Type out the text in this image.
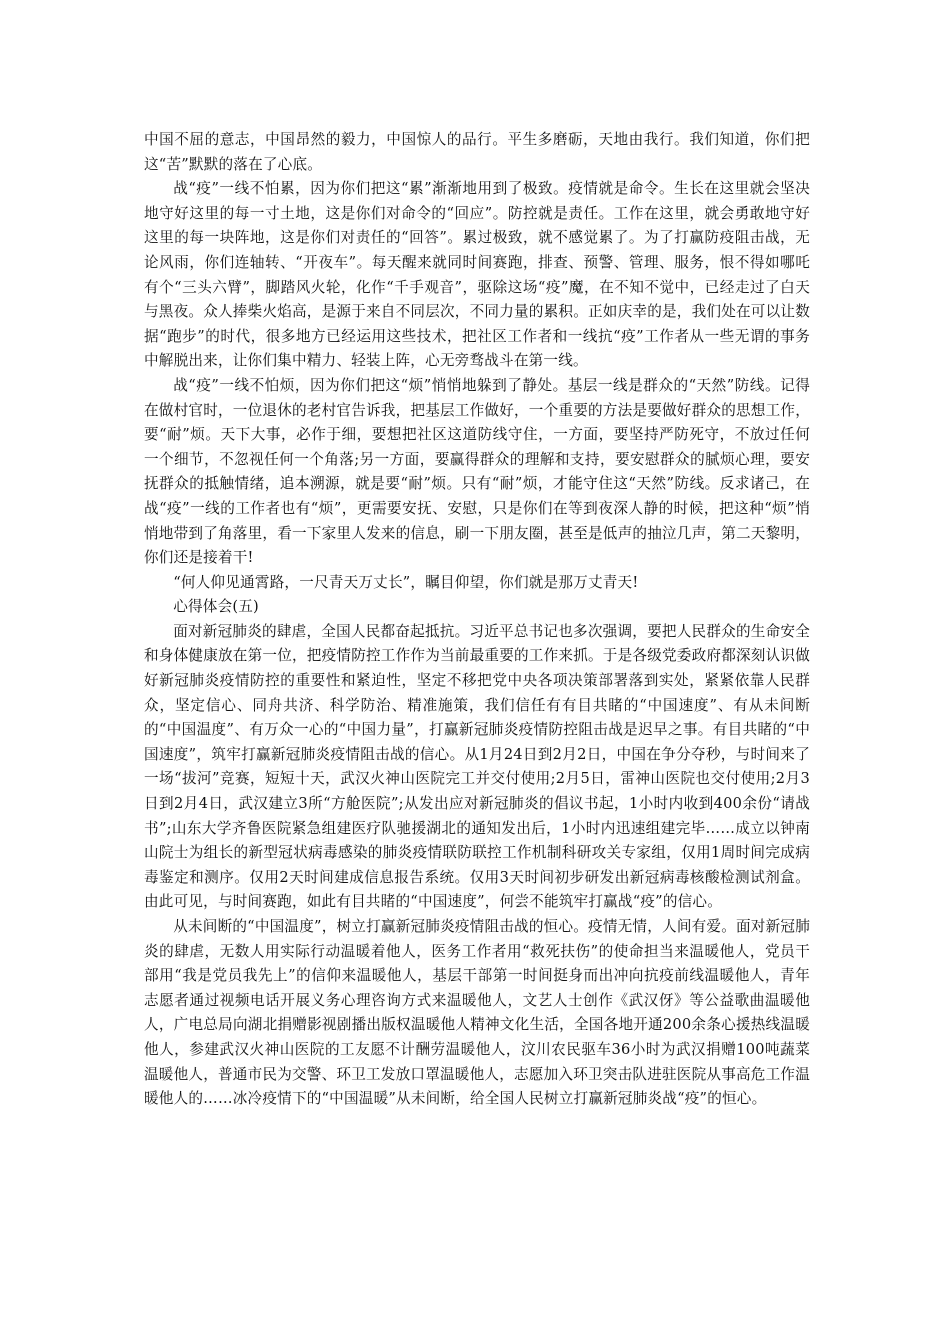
中国不屈的意志，中国昂然的毅力，中国惊人的品行。平生多磨砺，天地由我行。我们知道，你们把这“苦”默默的落在了心底。

战“疫”一线不怕累，因为你们把这“累”渐渐地用到了极致。疫情就是命令。生长在这里就会坚决地守好这里的每一寸土地，这是你们对命令的“回应”。防控就是责任。工作在这里，就会勇敢地守好这里的每一块阵地，这是你们对责任的“回答”。累过极致，就不感觉累了。为了打赢防疫阻击战，无论风雨，你们连轴转、“开夜车”。每天醒来就同时间赛跑，排查、预警、管理、服务，恨不得如哪吒有个“三头六臂”，脚踏风火轮，化作“千手观音”，驱除这场“疫”魔，在不知不觉中，已经走过了白天与黑夜。众人捧柴火焰高，是源于来自不同层次，不同力量的累积。正如庆幸的是，我们处在可以让数据“跑步”的时代，很多地方已经运用这些技术，把社区工作者和一线抗“疫”工作者从一些无谓的事务中解脱出来，让你们集中精力、轻装上阵，心无旁骛战斗在第一线。

战“疫”一线不怕烦，因为你们把这“烦”悄悄地躲到了静处。基层一线是群众的“天然”防线。记得在做村官时，一位退休的老村官告诉我，把基层工作做好，一个重要的方法是要做好群众的思想工作，要“耐”烦。天下大事，必作于细，要想把社区这道防线守住，一方面，要坚持严防死守，不放过任何一个细节，不忽视任何一个角落;另一方面，要赢得群众的理解和支持，要安慰群众的腻烦心理，要安抚群众的抵触情绪，追本溯源，就是要“耐”烦。只有“耐”烦，才能守住这“天然”防线。反求诸己，在战“疫”一线的工作者也有“烦”，更需要安抚、安慰，只是你们在等到夜深人静的时候，把这种“烦”悄悄地带到了角落里，看一下家里人发来的信息，刷一下朋友圈，甚至是低声的抽泣几声，第二天黎明，你们还是接着干!

“何人仰见通霄路，一尺青天万丈长”，瞩目仰望，你们就是那万丈青天!

心得体会(五)

面对新冠肺炎的肆虐，全国人民都奋起抵抗。习近平总书记也多次强调，要把人民群众的生命安全和身体健康放在第一位，把疫情防控工作作为当前最重要的工作来抓。于是各级党委政府都深刻认识做好新冠肺炎疫情防控的重要性和紧迫性，坚定不移把党中央各项决策部署落到实处，紧紧依靠人民群众，坚定信心、同舟共济、科学防治、精准施策，我们信任有有目共睹的“中国速度”、有从未间断的“中国温度”、有万众一心的“中国力量”，打赢新冠肺炎疫情防控阻击战是迟早之事。有目共睹的“中国速度”，筑牢打赢新冠肺炎疫情阻击战的信心。从1月24日到2月2日，中国在争分夺秒，与时间来了一场“拔河”竞赛，短短十天，武汉火神山医院完工并交付使用;2月5日，雷神山医院也交付使用;2月3日到2月4日，武汉建立3所“方舱医院”;从发出应对新冠肺炎的倡议书起，1小时内收到400余份“请战书”;山东大学齐鲁医院紧急组建医疗队驰援湖北的通知发出后，1小时内迅速组建完毕……成立以钟南山院士为组长的新型冠状病毒感染的肺炎疫情联防联控工作机制科研攻关专家组，仅用1周时间完成病毒鉴定和测序。仅用2天时间建成信息报告系统。仅用3天时间初步研发出新冠病毒核酸检测试剂盒。由此可见，与时间赛跑，如此有目共睹的“中国速度”，何尝不能筑牢打赢战“疫”的信心。

从未间断的“中国温度”，树立打赢新冠肺炎疫情阻击战的恒心。疫情无情，人间有爱。面对新冠肺炎的肆虐，无数人用实际行动温暖着他人，医务工作者用“救死扶伤”的使命担当来温暖他人，党员干部用“我是党员我先上”的信仰来温暖他人，基层干部第一时间挺身而出冲向抗疫前线温暖他人，青年志愿者通过视频电话开展义务心理咨询方式来温暖他人，文艺人士创作《武汉伢》等公益歌曲温暖他人，广电总局向湖北捐赠影视剧播出版权温暖他人精神文化生活，全国各地开通200余条心援热线温暖他人，参建武汉火神山医院的工友愿不计酬劳温暖他人，汶川农民驱车36小时为武汉捐赠100吨蔬菜温暖他人，普通市民为交警、环卫工发放口罩温暖他人，志愿加入环卫突击队进驻医院从事高危工作温暖他人的……冰冷疫情下的“中国温暖”从未间断，给全国人民树立打赢新冠肺炎战“疫”的恒心。
